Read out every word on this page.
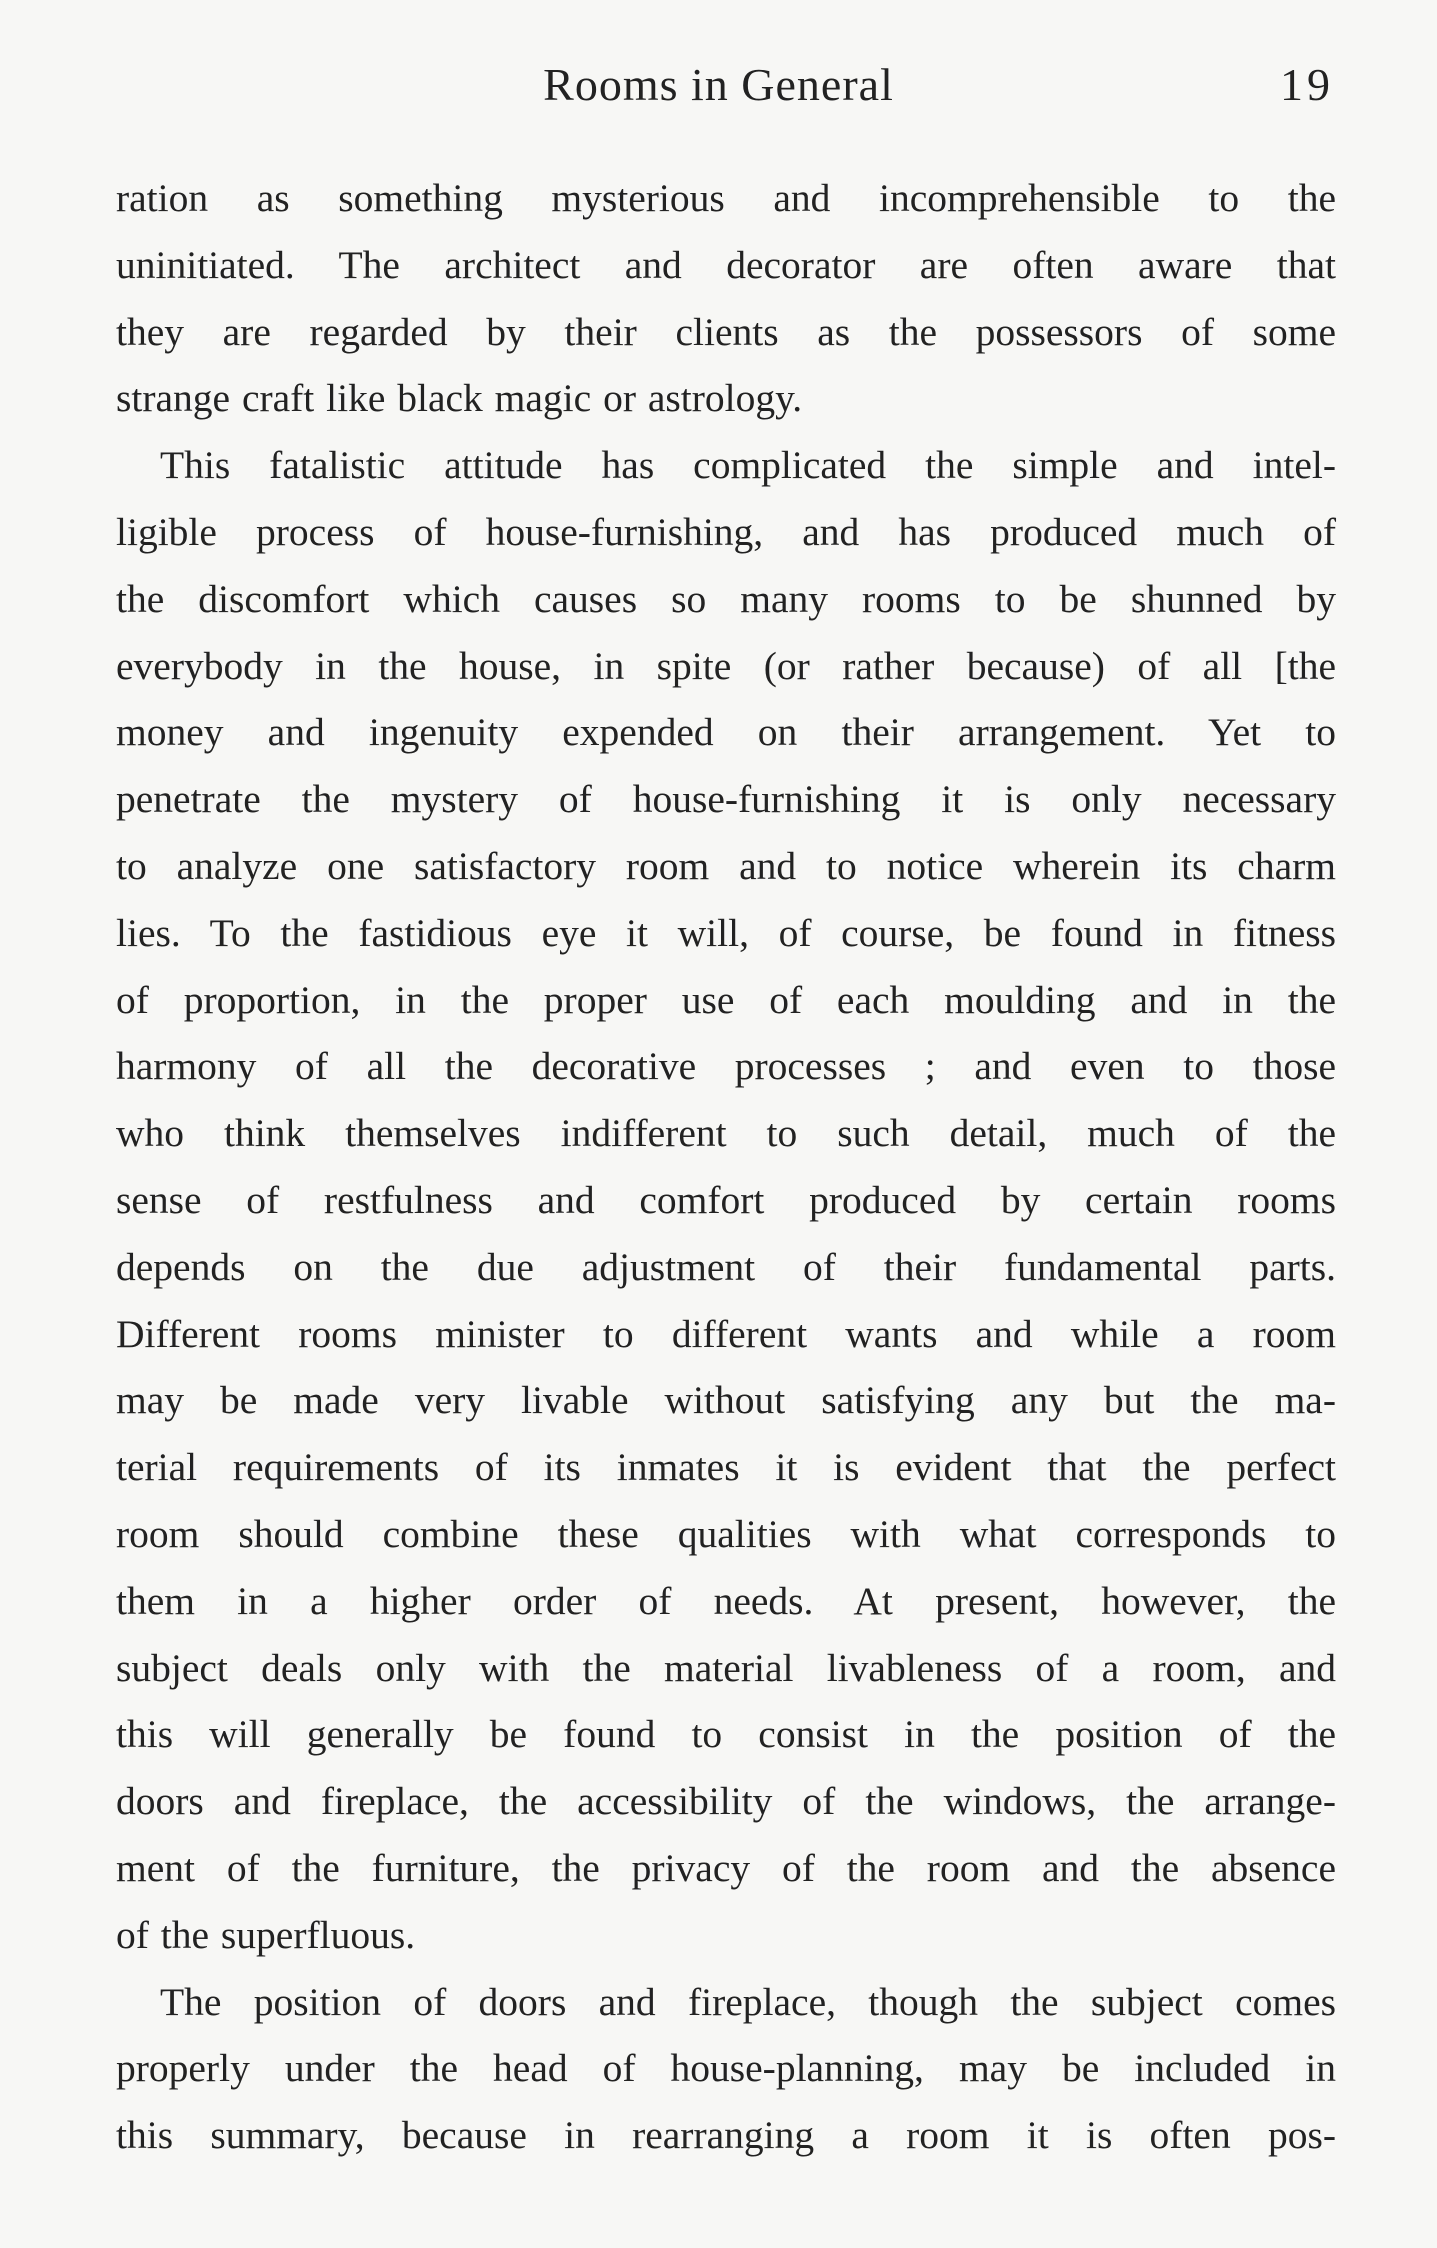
Rooms in General	19

ration as something mysterious and incomprehensible to the
uninitiated. The architect and decorator are often aware that
they are regarded by their clients as the possessors of some
strange craft like black magic or astrology.

This fatalistic attitude has complicated the simple and intel-
ligible process of house-furnishing, and has produced much of
the discomfort which causes so many rooms to be shunned by
everybody in the house, in spite (or rather because) of all [the
money and ingenuity expended on their arrangement. Yet to
penetrate the mystery of house-furnishing it is only necessary
to analyze one satisfactory room and to notice wherein its charm
lies. To the fastidious eye it will, of course, be found in fitness
of proportion, in the proper use of each moulding and in the
harmony of all the decorative processes ; and even to those
who think themselves indifferent to such detail, much of the
sense of restfulness and comfort produced by certain rooms
depends on the due adjustment of their fundamental parts.
Different rooms minister to different wants and while a room
may be made very livable without satisfying any but the ma-
terial requirements of its inmates it is evident that the perfect
room should combine these qualities with what corresponds to
them in a higher order of needs. At present, however, the
subject deals only with the material livableness of a room, and
this will generally be found to consist in the position of the
doors and fireplace, the accessibility of the windows, the arrange-
ment of the furniture, the privacy of the room and the absence
of the superfluous.

The position of doors and fireplace, though the subject comes
properly under the head of house-planning, may be included in
this summary, because in rearranging a room it is often pos-
